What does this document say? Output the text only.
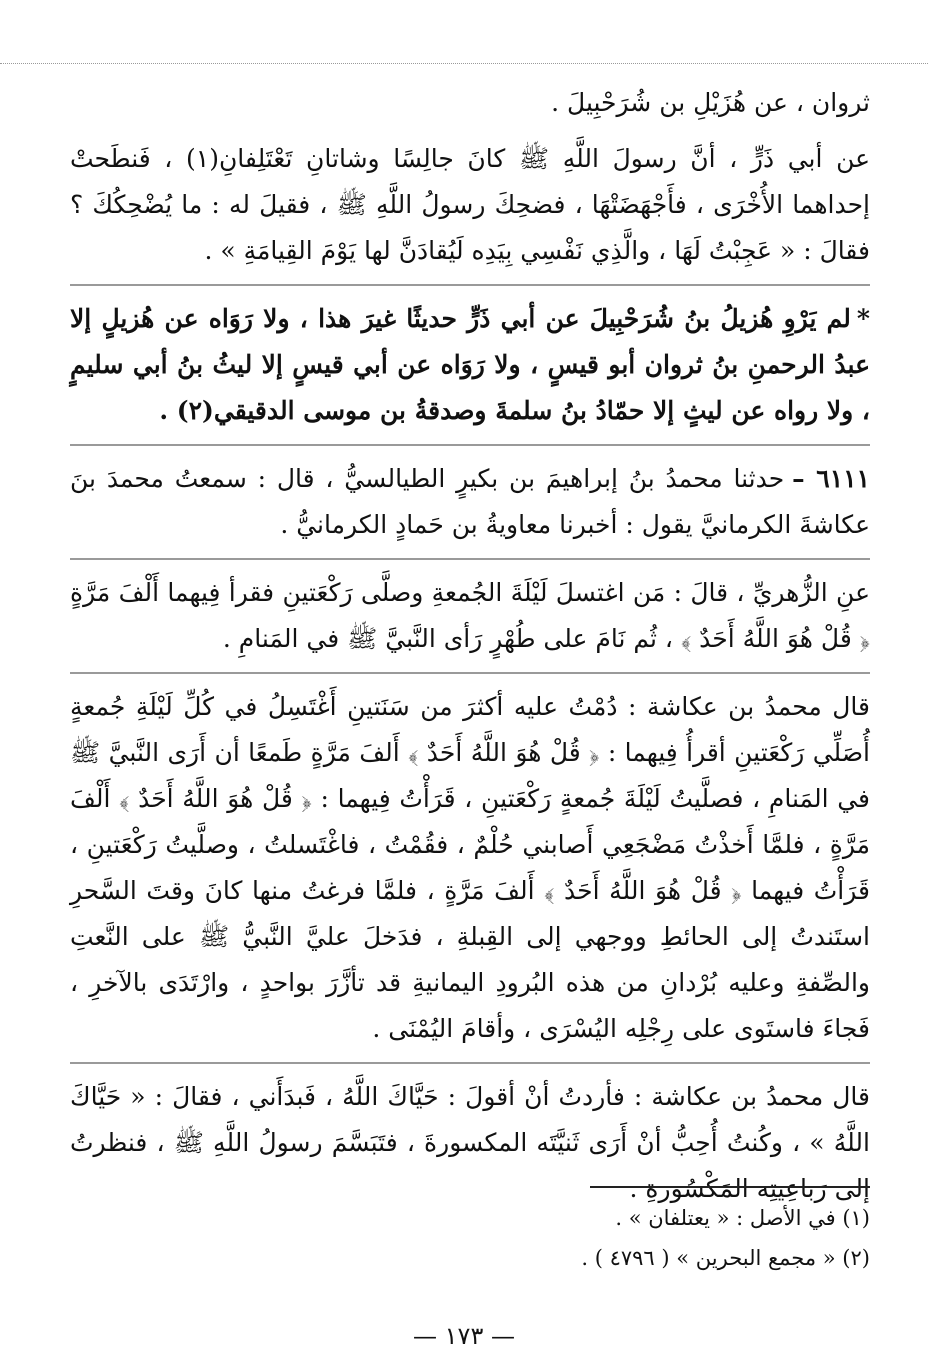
ثروان ، عن هُزَيْلِ بن شُرَحْبِيلَ .

عن أبي ذَرٍّ ، أنَّ رسولَ اللَّهِ ﷺ كانَ جالِسًا وشاتانِ تَعْتَلِفانِ(١) ، فَنطَحتْ إحداهما الأُخْرَى ، فأَجْهَضَتْهَا ، فضحِكَ رسولُ اللَّهِ ﷺ ، فقيلَ له : ما يُضْحِكُكَ ؟ فقالَ : « عَجِبْتُ لَهَا ، والَّذِي نَفْسِي بِيَدِه لَيُقادَنَّ لها يَوْمَ القِيامَةِ » .

*لم يَرْوِ هُزيلُ بنُ شُرَحْبِيلَ عن أبي ذَرٍّ حديثًا غيرَ هذا ، ولا رَوَاه عن هُزيلٍ إلا عبدُ الرحمنِ بنُ ثروان أبو قيسٍ ، ولا رَوَاه عن أبي قيسٍ إلا ليثُ بنُ أبي سليمٍ ، ولا رواه عن ليثٍ إلا حمّادُ بنُ سلمةَ وصدقةُ بن موسى الدقيقي(٢) .

٦١١١ –حدثنا محمدُ بنُ إبراهيمَ بن بكيرٍ الطيالسيُّ ، قال : سمعتُ محمدَ بنَ عكاشةَ الكرمانيَّ يقول : أخبرنا معاويةُ بن حَمادٍ الكرمانيُّ .

عنِ الزُّهريِّ ، قالَ : مَن اغتسلَ لَيْلَةَ الجُمعةِ وصلَّى رَكْعَتينِ فقرأ فِيهما أَلْفَ مَرَّةٍ ﴿ قُلْ هُوَ اللَّهُ أَحَدٌ ﴾ ، ثُم نَامَ على طُهْرٍ رَأى النَّبيَّ ﷺ في المَنامِ .

قال محمدُ بن عكاشة : دُمْتُ عليه أكثرَ من سَنَتينِ أَغْتَسِلُ في كُلِّ لَيْلَةِ جُمعةٍ أُصَلِّي رَكْعَتينِ أقرأُ فِيهما : ﴿ قُلْ هُوَ اللَّهُ أَحَدٌ ﴾ أَلفَ مَرَّةٍ طَمعًا أن أَرَى النَّبيَّ ﷺ في المَنامِ ، فصلَّيتُ لَيْلَةَ جُمعةٍ رَكْعَتينِ ، قَرَأْتُ فِيهما : ﴿ قُلْ هُوَ اللَّهُ أَحَدٌ ﴾ أَلْفَ مَرَّةٍ ، فلمَّا أَخذْتُ مَضْجَعِي أَصابني حُلْمٌ ، فقُمْتُ ، فاغْتَسلتُ ، وصلَّيتُ رَكْعَتينِ ، قَرَأْتُ فيهما ﴿ قُلْ هُوَ اللَّهُ أَحَدٌ ﴾ أَلفَ مَرَّةٍ ، فلمَّا فرغتُ منها كانَ وقتَ السَّحرِ استَندتُ إلى الحائطِ ووجهي إلى القِبلةِ ، فدَخلَ عليَّ النَّبيُّ ﷺ على النَّعتِ والصِّفةِ وعليه بُرْدانِ من هذه البُرودِ اليمانيةِ قد تأزَّرَ بواحدٍ ، وارْتَدَى بالآخرِ ، فَجاءَ فاستَوى على رِجْلِه اليُسْرَى ، وأقامَ اليُمْنَى .

قال محمدُ بن عكاشة : فأردتُ أنْ أقولَ : حَيَّاكَ اللَّهُ ، فَبدَأَني ، فقالَ : « حَيَّاكَ اللَّهُ » ، وكُنتُ أُحِبُّ أنْ أَرَى ثَنيَّتَه المكسورةَ ، فتَبَسَّمَ رسولُ اللَّهِ ﷺ ، فنظرتُ إلى رَباعِيتِه المَكْسُورةِ .

(١) في الأصل : « يعتلفان » .
(٢) « مجمع البحرين » ( ٤٧٩٦ ) .
— ١٧٣ —
